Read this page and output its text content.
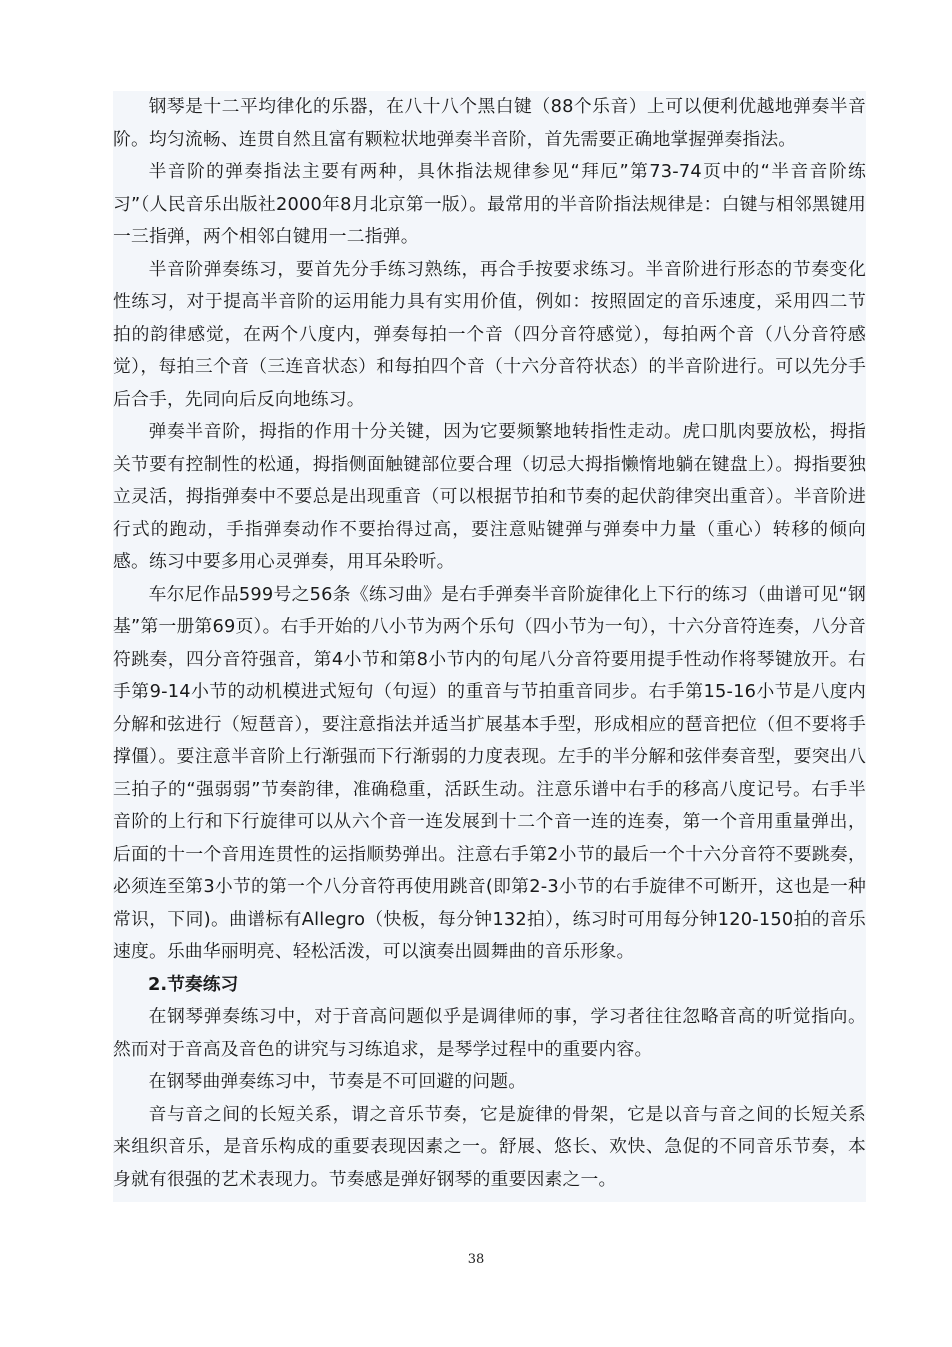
钢琴是十二平均律化的乐器，在八十八个黑白键（88个乐音）上可以便利优越地弹奏半音阶。均匀流畅、连贯自然且富有颗粒状地弹奏半音阶，首先需要正确地掌握弹奏指法。

半音阶的弹奏指法主要有两种，具休指法规律参见“拜厄”第73-74页中的“半音音阶练习”（人民音乐出版社2000年8月北京第一版）。最常用的半音阶指法规律是：白键与相邻黑键用一三指弹，两个相邻白键用一二指弹。

半音阶弹奏练习，要首先分手练习熟练，再合手按要求练习。半音阶进行形态的节奏变化性练习，对于提高半音阶的运用能力具有实用价值，例如：按照固定的音乐速度，采用四二节拍的韵律感觉，在两个八度内，弹奏每拍一个音（四分音符感觉），每拍两个音（八分音符感觉），每拍三个音（三连音状态）和每拍四个音（十六分音符状态）的半音阶进行。可以先分手后合手，先同向后反向地练习。

弹奏半音阶，拇指的作用十分关键，因为它要频繁地转指性走动。虎口肌肉要放松，拇指关节要有控制性的松通，拇指侧面触键部位要合理（切忌大拇指懒惰地躺在键盘上）。拇指要独立灵活，拇指弹奏中不要总是出现重音（可以根据节拍和节奏的起伏韵律突出重音）。半音阶进行式的跑动，手指弹奏动作不要抬得过高，要注意贴键弹与弹奏中力量（重心）转移的倾向感。练习中要多用心灵弹奏，用耳朵聆听。

车尔尼作品599号之56条《练习曲》是右手弹奏半音阶旋律化上下行的练习（曲谱可见“钢基”第一册第69页）。右手开始的八小节为两个乐句（四小节为一句），十六分音符连奏，八分音符跳奏，四分音符强音，第4小节和第8小节内的句尾八分音符要用提手性动作将琴键放开。右手第9-14小节的动机模进式短句（句逗）的重音与节拍重音同步。右手第15-16小节是八度内分解和弦进行（短琶音），要注意指法并适当扩展基本手型，形成相应的琶音把位（但不要将手撑僵）。要注意半音阶上行渐强而下行渐弱的力度表现。左手的半分解和弦伴奏音型，要突出八三拍子的“强弱弱”节奏韵律，准确稳重，活跃生动。注意乐谱中右手的移高八度记号。右手半音阶的上行和下行旋律可以从六个音一连发展到十二个音一连的连奏，第一个音用重量弹出，后面的十一个音用连贯性的运指顺势弹出。注意右手第2小节的最后一个十六分音符不要跳奏，必须连至第3小节的第一个八分音符再使用跳音(即第2-3小节的右手旋律不可断开，这也是一种常识，下同)。曲谱标有Allegro（快板，每分钟132拍），练习时可用每分钟120-150拍的音乐速度。乐曲华丽明亮、轻松活泼，可以演奏出圆舞曲的音乐形象。

2.节奏练习

在钢琴弹奏练习中，对于音高问题似乎是调律师的事，学习者往往忽略音高的听觉指向。然而对于音高及音色的讲究与习练追求，是琴学过程中的重要内容。

在钢琴曲弹奏练习中，节奏是不可回避的问题。

音与音之间的长短关系，谓之音乐节奏，它是旋律的骨架，它是以音与音之间的长短关系来组织音乐，是音乐构成的重要表现因素之一。舒展、悠长、欢快、急促的不同音乐节奏，本身就有很强的艺术表现力。节奏感是弹好钢琴的重要因素之一。

38
